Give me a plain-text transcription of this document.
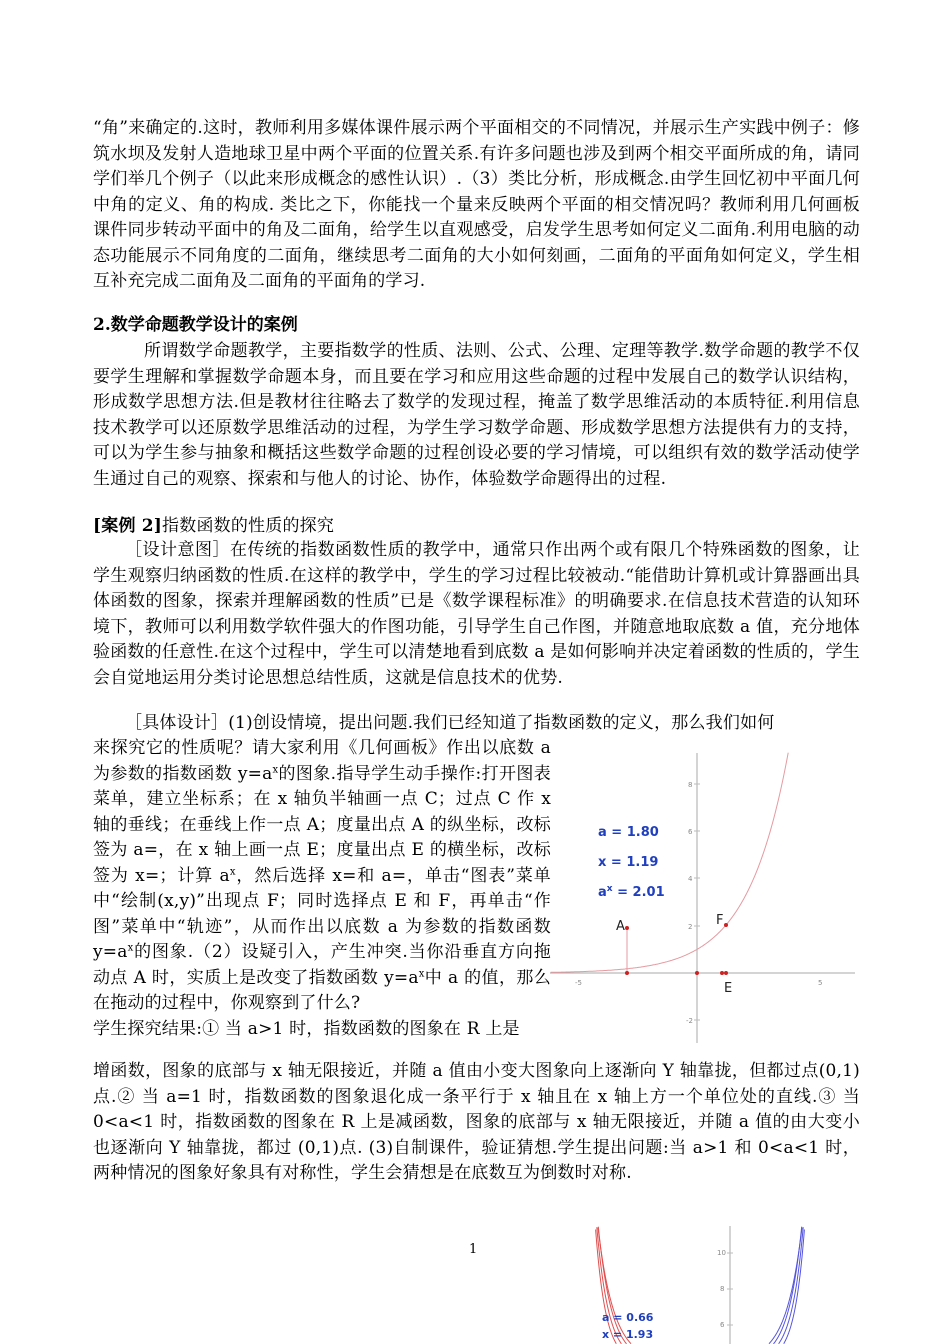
“角”来确定的.这时，教师利用多媒体课件展示两个平面相交的不同情况，并展示生产实践中例子：修筑水坝及发射人造地球卫星中两个平面的位置关系.有许多问题也涉及到两个相交平面所成的角，请同学们举几个例子（以此来形成概念的感性认识）.（3）类比分析，形成概念.由学生回忆初中平面几何中角的定义、角的构成. 类比之下，你能找一个量来反映两个平面的相交情况吗？教师利用几何画板课件同步转动平面中的角及二面角，给学生以直观感受，启发学生思考如何定义二面角.利用电脑的动态功能展示不同角度的二面角，继续思考二面角的大小如何刻画，二面角的平面角如何定义，学生相互补充完成二面角及二面角的平面角的学习.
2.数学命题教学设计的案例
所谓数学命题教学，主要指数学的性质、法则、公式、公理、定理等教学.数学命题的教学不仅要学生理解和掌握数学命题本身，而且要在学习和应用这些命题的过程中发展自己的数学认识结构，形成数学思想方法.但是教材往往略去了数学的发现过程，掩盖了数学思维活动的本质特征.利用信息技术教学可以还原数学思维活动的过程，为学生学习数学命题、形成数学思想方法提供有力的支持，可以为学生参与抽象和概括这些数学命题的过程创设必要的学习情境，可以组织有效的数学活动使学生通过自己的观察、探索和与他人的讨论、协作，体验数学命题得出的过程.
[案例 2]指数函数的性质的探究
［设计意图］在传统的指数函数性质的教学中，通常只作出两个或有限几个特殊函数的图象，让学生观察归纳函数的性质.在这样的教学中，学生的学习过程比较被动.“能借助计算机或计算器画出具体函数的图象，探索并理解函数的性质”已是《数学课程标准》的明确要求.在信息技术营造的认知环境下，教师可以利用数学软件强大的作图功能，引导学生自己作图，并随意地取底数 a 值，充分地体验函数的任意性.在这个过程中，学生可以清楚地看到底数 a 是如何影响并决定着函数的性质的，学生会自觉地运用分类讨论思想总结性质，这就是信息技术的优势.
［具体设计］(1)创设情境，提出问题.我们已经知道了指数函数的定义，那么我们如何
来探究它的性质呢？请大家利用《几何画板》作出以底数 a 为参数的指数函数 $y=a^x$的图象.指导学生动手操作:打开图表菜单，建立坐标系；在 x 轴负半轴画一点 C；过点 C 作 x 轴的垂线；在垂线上作一点 A；度量出点 A 的纵坐标，改标签为 a=，在 x 轴上画一点 E；度量出点 E 的横坐标，改标签为 x=；计算 $a^x$，然后选择 x=和 a=，单击“图表”菜单中“绘制(x,y)”出现点 F；同时选择点 E 和 F，再单击“作图”菜单中“轨迹”，从而作出以底数 a 为参数的指数函数 $y=a^x$的图象.（2）设疑引入，产生冲突.当你沿垂直方向拖动点 A 时，实质上是改变了指数函数 $y=a^x$中 a 的值，那么在拖动的过程中，你观察到了什么?
学生探究结果:① 当 a>1 时，指数函数的图象在 R 上是
增函数，图象的底部与 x 轴无限接近，并随 a 值由小变大图象向上逐渐向 Y 轴靠拢，但都过点(0,1)点.② 当 a=1 时，指数函数的图象退化成一条平行于 x 轴且在 x 轴上方一个单位处的直线.③ 当 0<a<1 时，指数函数的图象在 R 上是减函数，图象的底部与 x 轴无限接近，并随 a 值的由大变小也逐渐向 Y 轴靠拢，都过 (0,1)点. (3)自制课件，验证猜想.学生提出问题:当 a>1 和 0<a<1 时，两种情况的图象好象具有对称性，学生会猜想是在底数互为倒数时对称.
8
6
4
2
-2
-5	5
A	F
E
a = 1.80
x = 1.19
$a^x = 2.01$
1	10
8
6
a = 0.66
x = 1.93
